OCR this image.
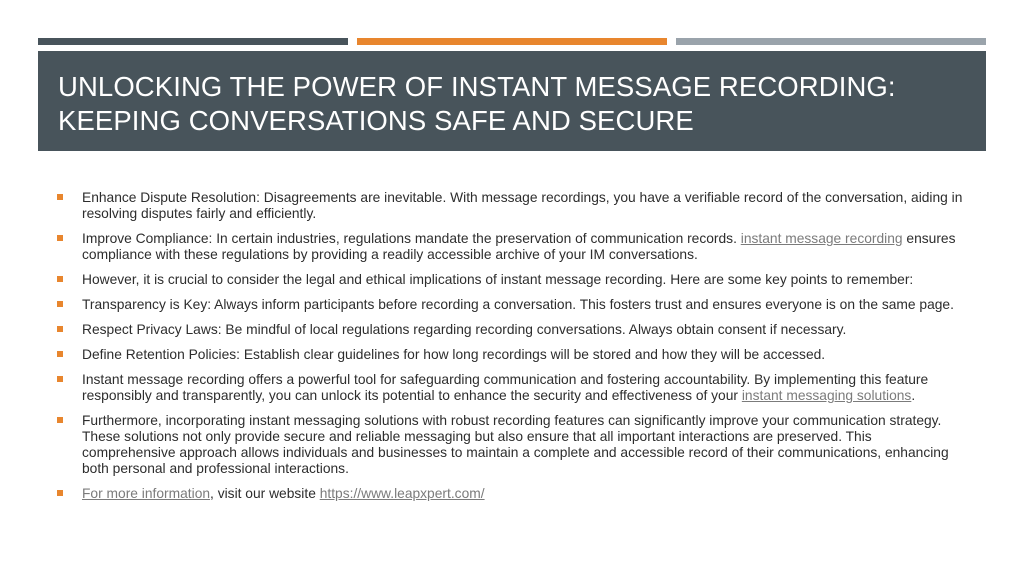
UNLOCKING THE POWER OF INSTANT MESSAGE RECORDING:
KEEPING CONVERSATIONS SAFE AND SECURE
Enhance Dispute Resolution: Disagreements are inevitable. With message recordings, you have a verifiable record of the conversation, aiding in resolving disputes fairly and efficiently.
Improve Compliance: In certain industries, regulations mandate the preservation of communication records. instant message recording ensures compliance with these regulations by providing a readily accessible archive of your IM conversations.
However, it is crucial to consider the legal and ethical implications of instant message recording. Here are some key points to remember:
Transparency is Key: Always inform participants before recording a conversation. This fosters trust and ensures everyone is on the same page.
Respect Privacy Laws: Be mindful of local regulations regarding recording conversations. Always obtain consent if necessary.
Define Retention Policies: Establish clear guidelines for how long recordings will be stored and how they will be accessed.
Instant message recording offers a powerful tool for safeguarding communication and fostering accountability. By implementing this feature responsibly and transparently, you can unlock its potential to enhance the security and effectiveness of your instant messaging solutions.
Furthermore, incorporating instant messaging solutions with robust recording features can significantly improve your communication strategy. These solutions not only provide secure and reliable messaging but also ensure that all important interactions are preserved. This comprehensive approach allows individuals and businesses to maintain a complete and accessible record of their communications, enhancing both personal and professional interactions.
For more information, visit our website https://www.leapxpert.com/
